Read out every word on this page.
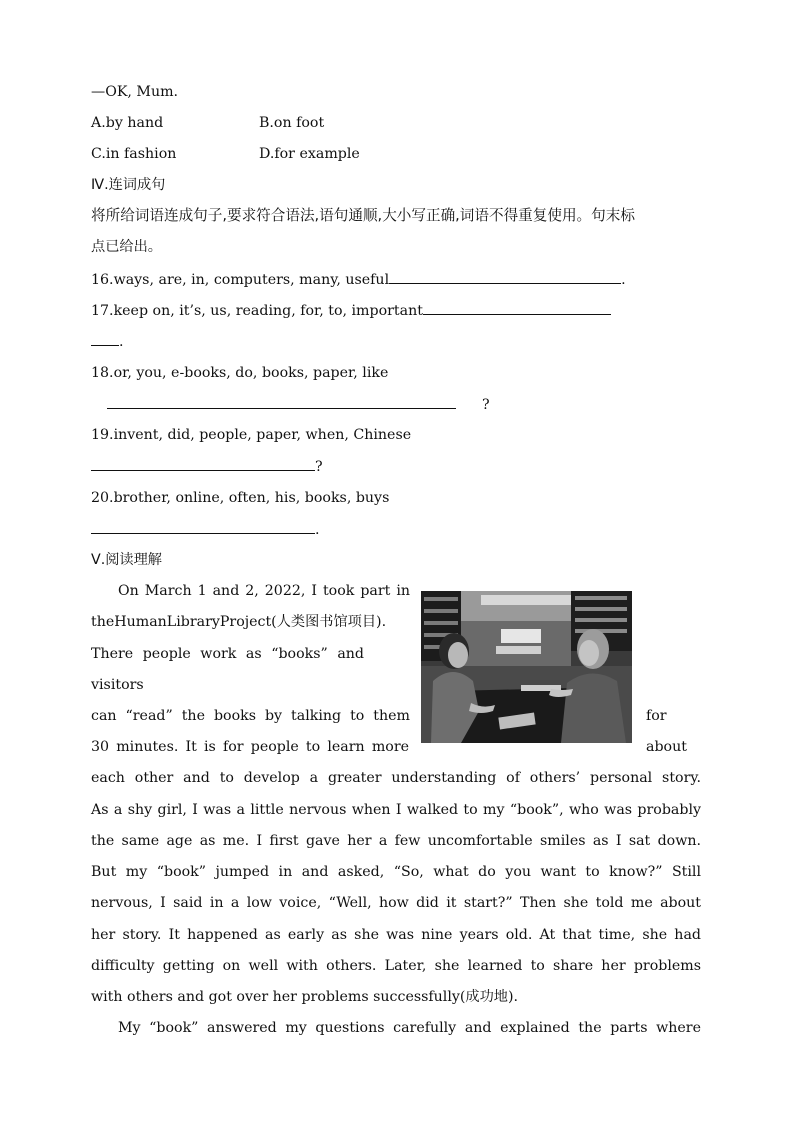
—OK, Mum.
A.by hand	B.on foot
C.in fashion	D.for example
Ⅳ.连词成句
将所给词语连成句子,要求符合语法,语句通顺,大小写正确,词语不得重复使用。句末标
点已给出。
16.ways, are, in, computers, many, useful	.
17.keep on, it’s, us, reading, for, to, important
.
18.or, you, e-books, do, books, paper, like
?
19.invent, did, people, paper, when, Chinese
?
20.brother, online, often, his, books, buys
.
Ⅴ.阅读理解
On March 1 and 2, 2022, I took part in
theHumanLibraryProject(人类图书馆项目).
There people work as “books” and
visitors
can “read” the books by talking to them	for
30 minutes. It is for people to learn more	about
each other and to develop a greater understanding of others’ personal story.
As a shy girl, I was a little nervous when I walked to my “book”, who was probably
the same age as me. I first gave her a few uncomfortable smiles as I sat down.
But my “book” jumped in and asked, “So, what do you want to know?” Still
nervous, I said in a low voice, “Well, how did it start?” Then she told me about
her story. It happened as early as she was nine years old. At that time, she had
difficulty getting on well with others. Later, she learned to share her problems
with others and got over her problems successfully(成功地).
My “book” answered my questions carefully and explained the parts where
